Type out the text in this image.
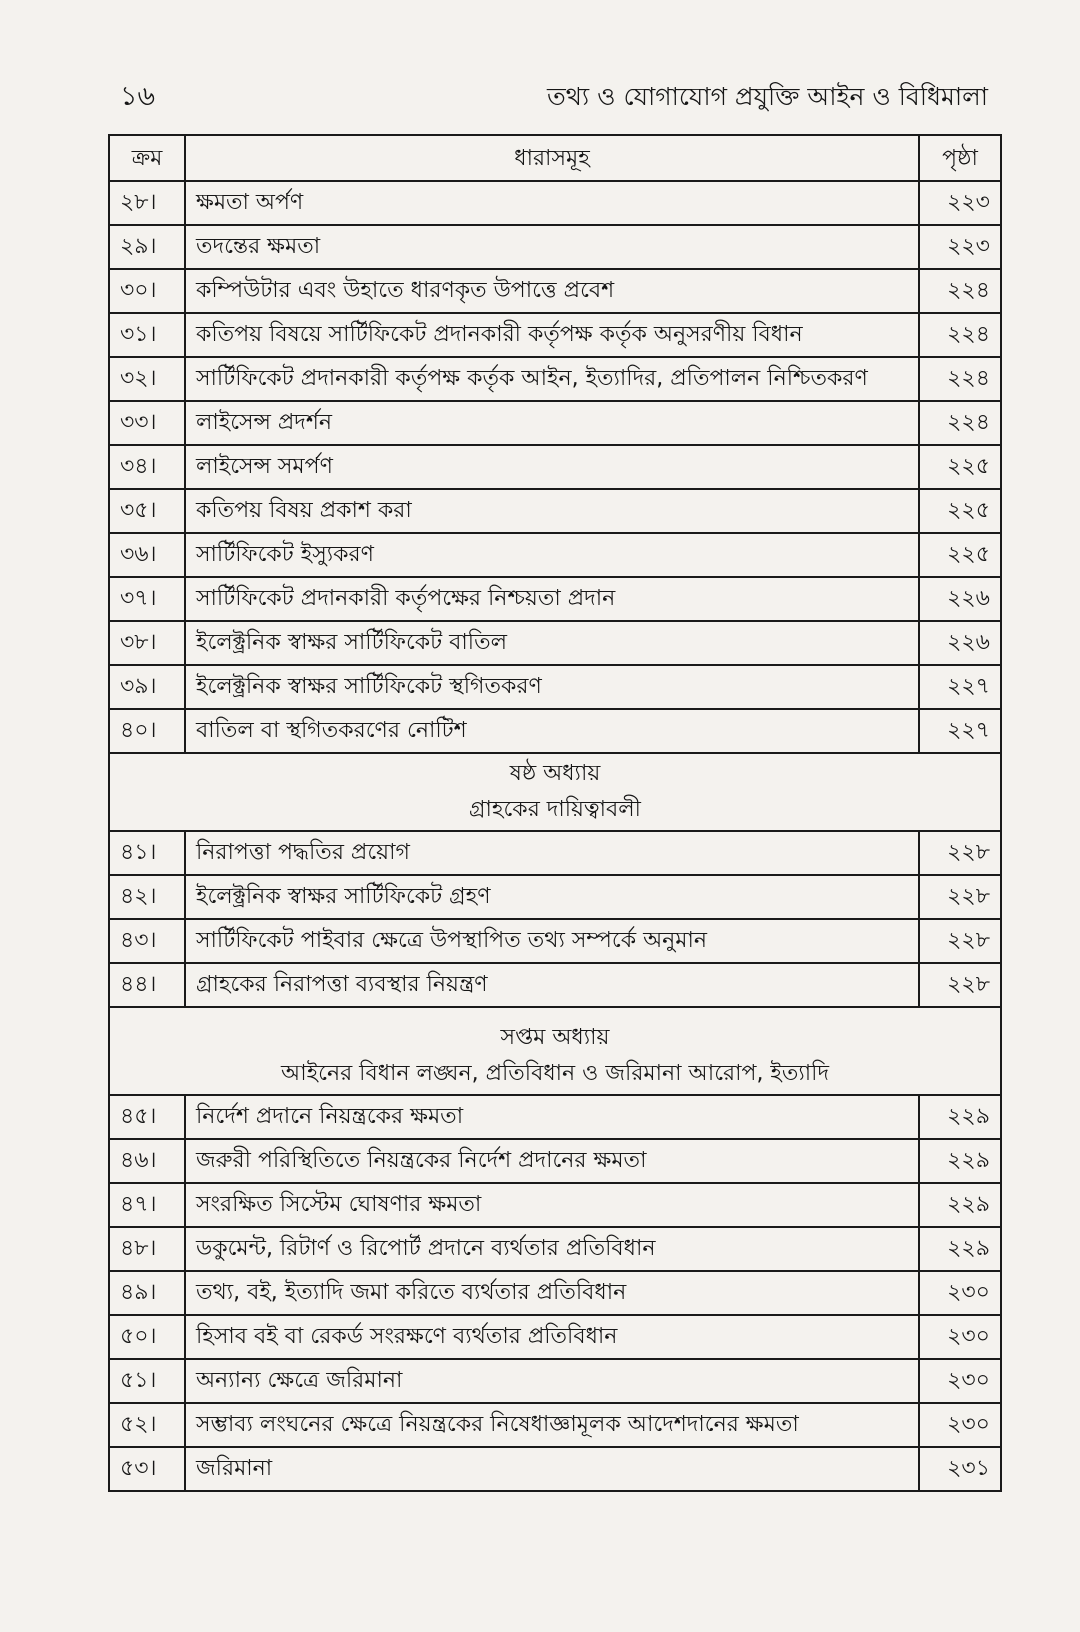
১৬	তথ্য ও যোগাযোগ প্রযুক্তি আইন ও বিধিমালা
ক্রম	ধারাসমূহ	পৃষ্ঠা
২৮।	ক্ষমতা অর্পণ	২২৩
২৯।	তদন্তের ক্ষমতা	২২৩
৩০।	কম্পিউটার এবং উহাতে ধারণকৃত উপাত্তে প্রবেশ	২২৪
৩১।	কতিপয় বিষয়ে সার্টিফিকেট প্রদানকারী কর্তৃপক্ষ কর্তৃক অনুসরণীয় বিধান	২২৪
৩২।	সার্টিফিকেট প্রদানকারী কর্তৃপক্ষ কর্তৃক আইন, ইত্যাদির, প্রতিপালন নিশ্চিতকরণ	২২৪
৩৩।	লাইসেন্স প্রদর্শন	২২৪
৩৪।	লাইসেন্স সমর্পণ	২২৫
৩৫।	কতিপয় বিষয় প্রকাশ করা	২২৫
৩৬।	সার্টিফিকেট ইস্যুকরণ	২২৫
৩৭।	সার্টিফিকেট প্রদানকারী কর্তৃপক্ষের নিশ্চয়তা প্রদান	২২৬
৩৮।	ইলেক্ট্রনিক স্বাক্ষর সার্টিফিকেট বাতিল	২২৬
৩৯।	ইলেক্ট্রনিক স্বাক্ষর সার্টিফিকেট স্থগিতকরণ	২২৭
৪০।	বাতিল বা স্থগিতকরণের নোটিশ	২২৭

ষষ্ঠ অধ্যায়
গ্রাহকের দায়িত্বাবলী		

৪১।	নিরাপত্তা পদ্ধতির প্রয়োগ	২২৮
৪২।	ইলেক্ট্রনিক স্বাক্ষর সার্টিফিকেট গ্রহণ	২২৮
৪৩।	সার্টিফিকেট পাইবার ক্ষেত্রে উপস্থাপিত তথ্য সম্পর্কে অনুমান	২২৮
৪৪।	গ্রাহকের নিরাপত্তা ব্যবস্থার নিয়ন্ত্রণ	২২৮

সপ্তম অধ্যায়
আইনের বিধান লঙ্ঘন, প্রতিবিধান ও জরিমানা আরোপ, ইত্যাদি		

৪৫।	নির্দেশ প্রদানে নিয়ন্ত্রকের ক্ষমতা	২২৯
৪৬।	জরুরী পরিস্থিতিতে নিয়ন্ত্রকের নির্দেশ প্রদানের ক্ষমতা	২২৯
৪৭।	সংরক্ষিত সিস্টেম ঘোষণার ক্ষমতা	২২৯
৪৮।	ডকুমেন্ট, রিটার্ণ ও রিপোর্ট প্রদানে ব্যর্থতার প্রতিবিধান	২২৯
৪৯।	তথ্য, বই, ইত্যাদি জমা করিতে ব্যর্থতার প্রতিবিধান	২৩০
৫০।	হিসাব বই বা রেকর্ড সংরক্ষণে ব্যর্থতার প্রতিবিধান	২৩০
৫১।	অন্যান্য ক্ষেত্রে জরিমানা	২৩০
৫২।	সম্ভাব্য লংঘনের ক্ষেত্রে নিয়ন্ত্রকের নিষেধাজ্ঞামূলক আদেশদানের ক্ষমতা	২৩০
৫৩।	জরিমানা	২৩১
